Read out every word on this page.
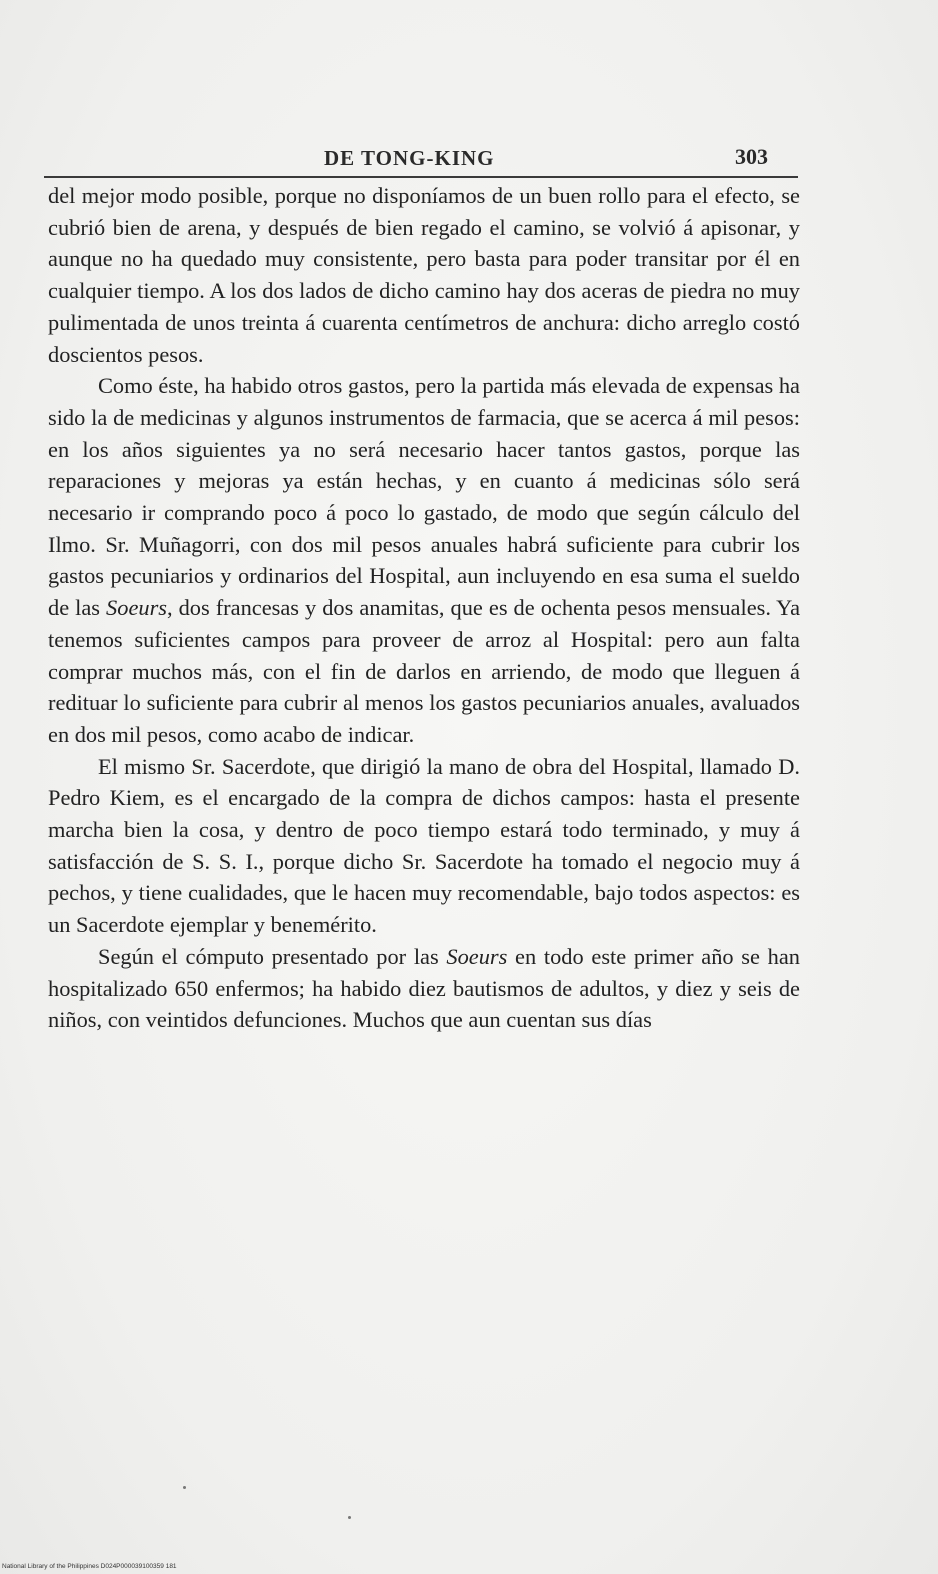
DE TONG-KING	303

del mejor modo posible, porque no disponíamos de un buen rollo para el efecto, se cubrió bien de arena, y después de bien regado el camino, se volvió á apisonar, y aunque no ha quedado muy consistente, pero basta para poder transitar por él en cualquier tiempo. A los dos lados de dicho camino hay dos aceras de piedra no muy pulimentada de unos treinta á cuarenta centímetros de anchura: dicho arreglo costó doscientos pesos.

Como éste, ha habido otros gastos, pero la partida más elevada de expensas ha sido la de medicinas y algunos instrumentos de farmacia, que se acerca á mil pesos: en los años siguientes ya no será necesario hacer tantos gastos, porque las reparaciones y mejoras ya están hechas, y en cuanto á medicinas sólo será necesario ir comprando poco á poco lo gastado, de modo que según cálculo del Ilmo. Sr. Muñagorri, con dos mil pesos anuales habrá suficiente para cubrir los gastos pecuniarios y ordinarios del Hospital, aun incluyendo en esa suma el sueldo de las Soeurs, dos francesas y dos anamitas, que es de ochenta pesos mensuales. Ya tenemos suficientes campos para proveer de arroz al Hospital: pero aun falta comprar muchos más, con el fin de darlos en arriendo, de modo que lleguen á redituar lo suficiente para cubrir al menos los gastos pecuniarios anuales, avaluados en dos mil pesos, como acabo de indicar.

El mismo Sr. Sacerdote, que dirigió la mano de obra del Hospital, llamado D. Pedro Kiem, es el encargado de la compra de dichos campos: hasta el presente marcha bien la cosa, y dentro de poco tiempo estará todo terminado, y muy á satisfacción de S. S. I., porque dicho Sr. Sacerdote ha tomado el negocio muy á pechos, y tiene cualidades, que le hacen muy recomendable, bajo todos aspectos: es un Sacerdote ejemplar y benemérito.

Según el cómputo presentado por las Soeurs en todo este primer año se han hospitalizado 650 enfermos; ha habido diez bautismos de adultos, y diez y seis de niños, con veintidos defunciones. Muchos que aun cuentan sus días

National Library of the Philippines D024P000039100359 181
